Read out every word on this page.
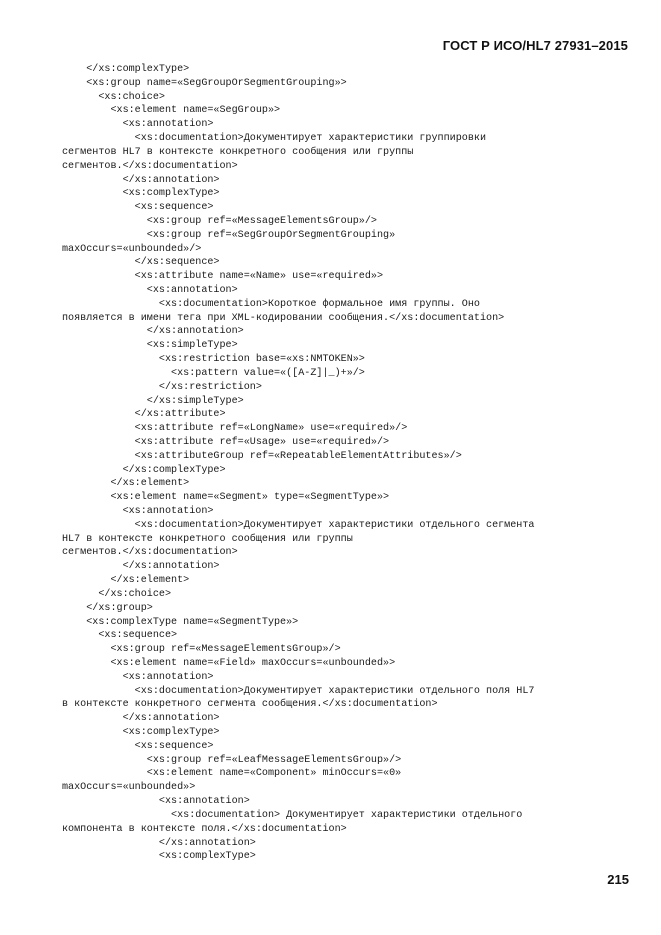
ГОСТ Р ИСО/HL7 27931–2015
</xs:complexType>
<xs:group name=«SegGroupOrSegmentGrouping»>
<xs:choice>
<xs:element name=«SegGroup»>
<xs:annotation>
<xs:documentation>Документирует характеристики группировки
сегментов HL7 в контексте конкретного сообщения или группы
сегментов.</xs:documentation>
</xs:annotation>
<xs:complexType>
<xs:sequence>
<xs:group ref=«MessageElementsGroup»/>
<xs:group ref=«SegGroupOrSegmentGrouping»
maxOccurs=«unbounded»/>
</xs:sequence>
<xs:attribute name=«Name» use=«required»>
<xs:annotation>
<xs:documentation>Короткое формальное имя группы. Оно
появляется в имени тега при XML-кодировании сообщения.</xs:documentation>
</xs:annotation>
<xs:simpleType>
<xs:restriction base=«xs:NMTOKEN»>
<xs:pattern value=«([A-Z]|_)+»/>
</xs:restriction>
</xs:simpleType>
</xs:attribute>
<xs:attribute ref=«LongName» use=«required»/>
<xs:attribute ref=«Usage» use=«required»/>
<xs:attributeGroup ref=«RepeatableElementAttributes»/>
</xs:complexType>
</xs:element>
<xs:element name=«Segment» type=«SegmentType»>
<xs:annotation>
<xs:documentation>Документирует характеристики отдельного сегмента
HL7 в контексте конкретного сообщения или группы
сегментов.</xs:documentation>
</xs:annotation>
</xs:element>
</xs:choice>
</xs:group>
<xs:complexType name=«SegmentType»>
<xs:sequence>
<xs:group ref=«MessageElementsGroup»/>
<xs:element name=«Field» maxOccurs=«unbounded»>
<xs:annotation>
<xs:documentation>Документирует характеристики отдельного поля HL7
в контексте конкретного сегмента сообщения.</xs:documentation>
</xs:annotation>
<xs:complexType>
<xs:sequence>
<xs:group ref=«LeafMessageElementsGroup»/>
<xs:element name=«Component» minOccurs=«0»
maxOccurs=«unbounded»>
<xs:annotation>
<xs:documentation> Документирует характеристики отдельного
компонента в контексте поля.</xs:documentation>
</xs:annotation>
<xs:complexType>
215
